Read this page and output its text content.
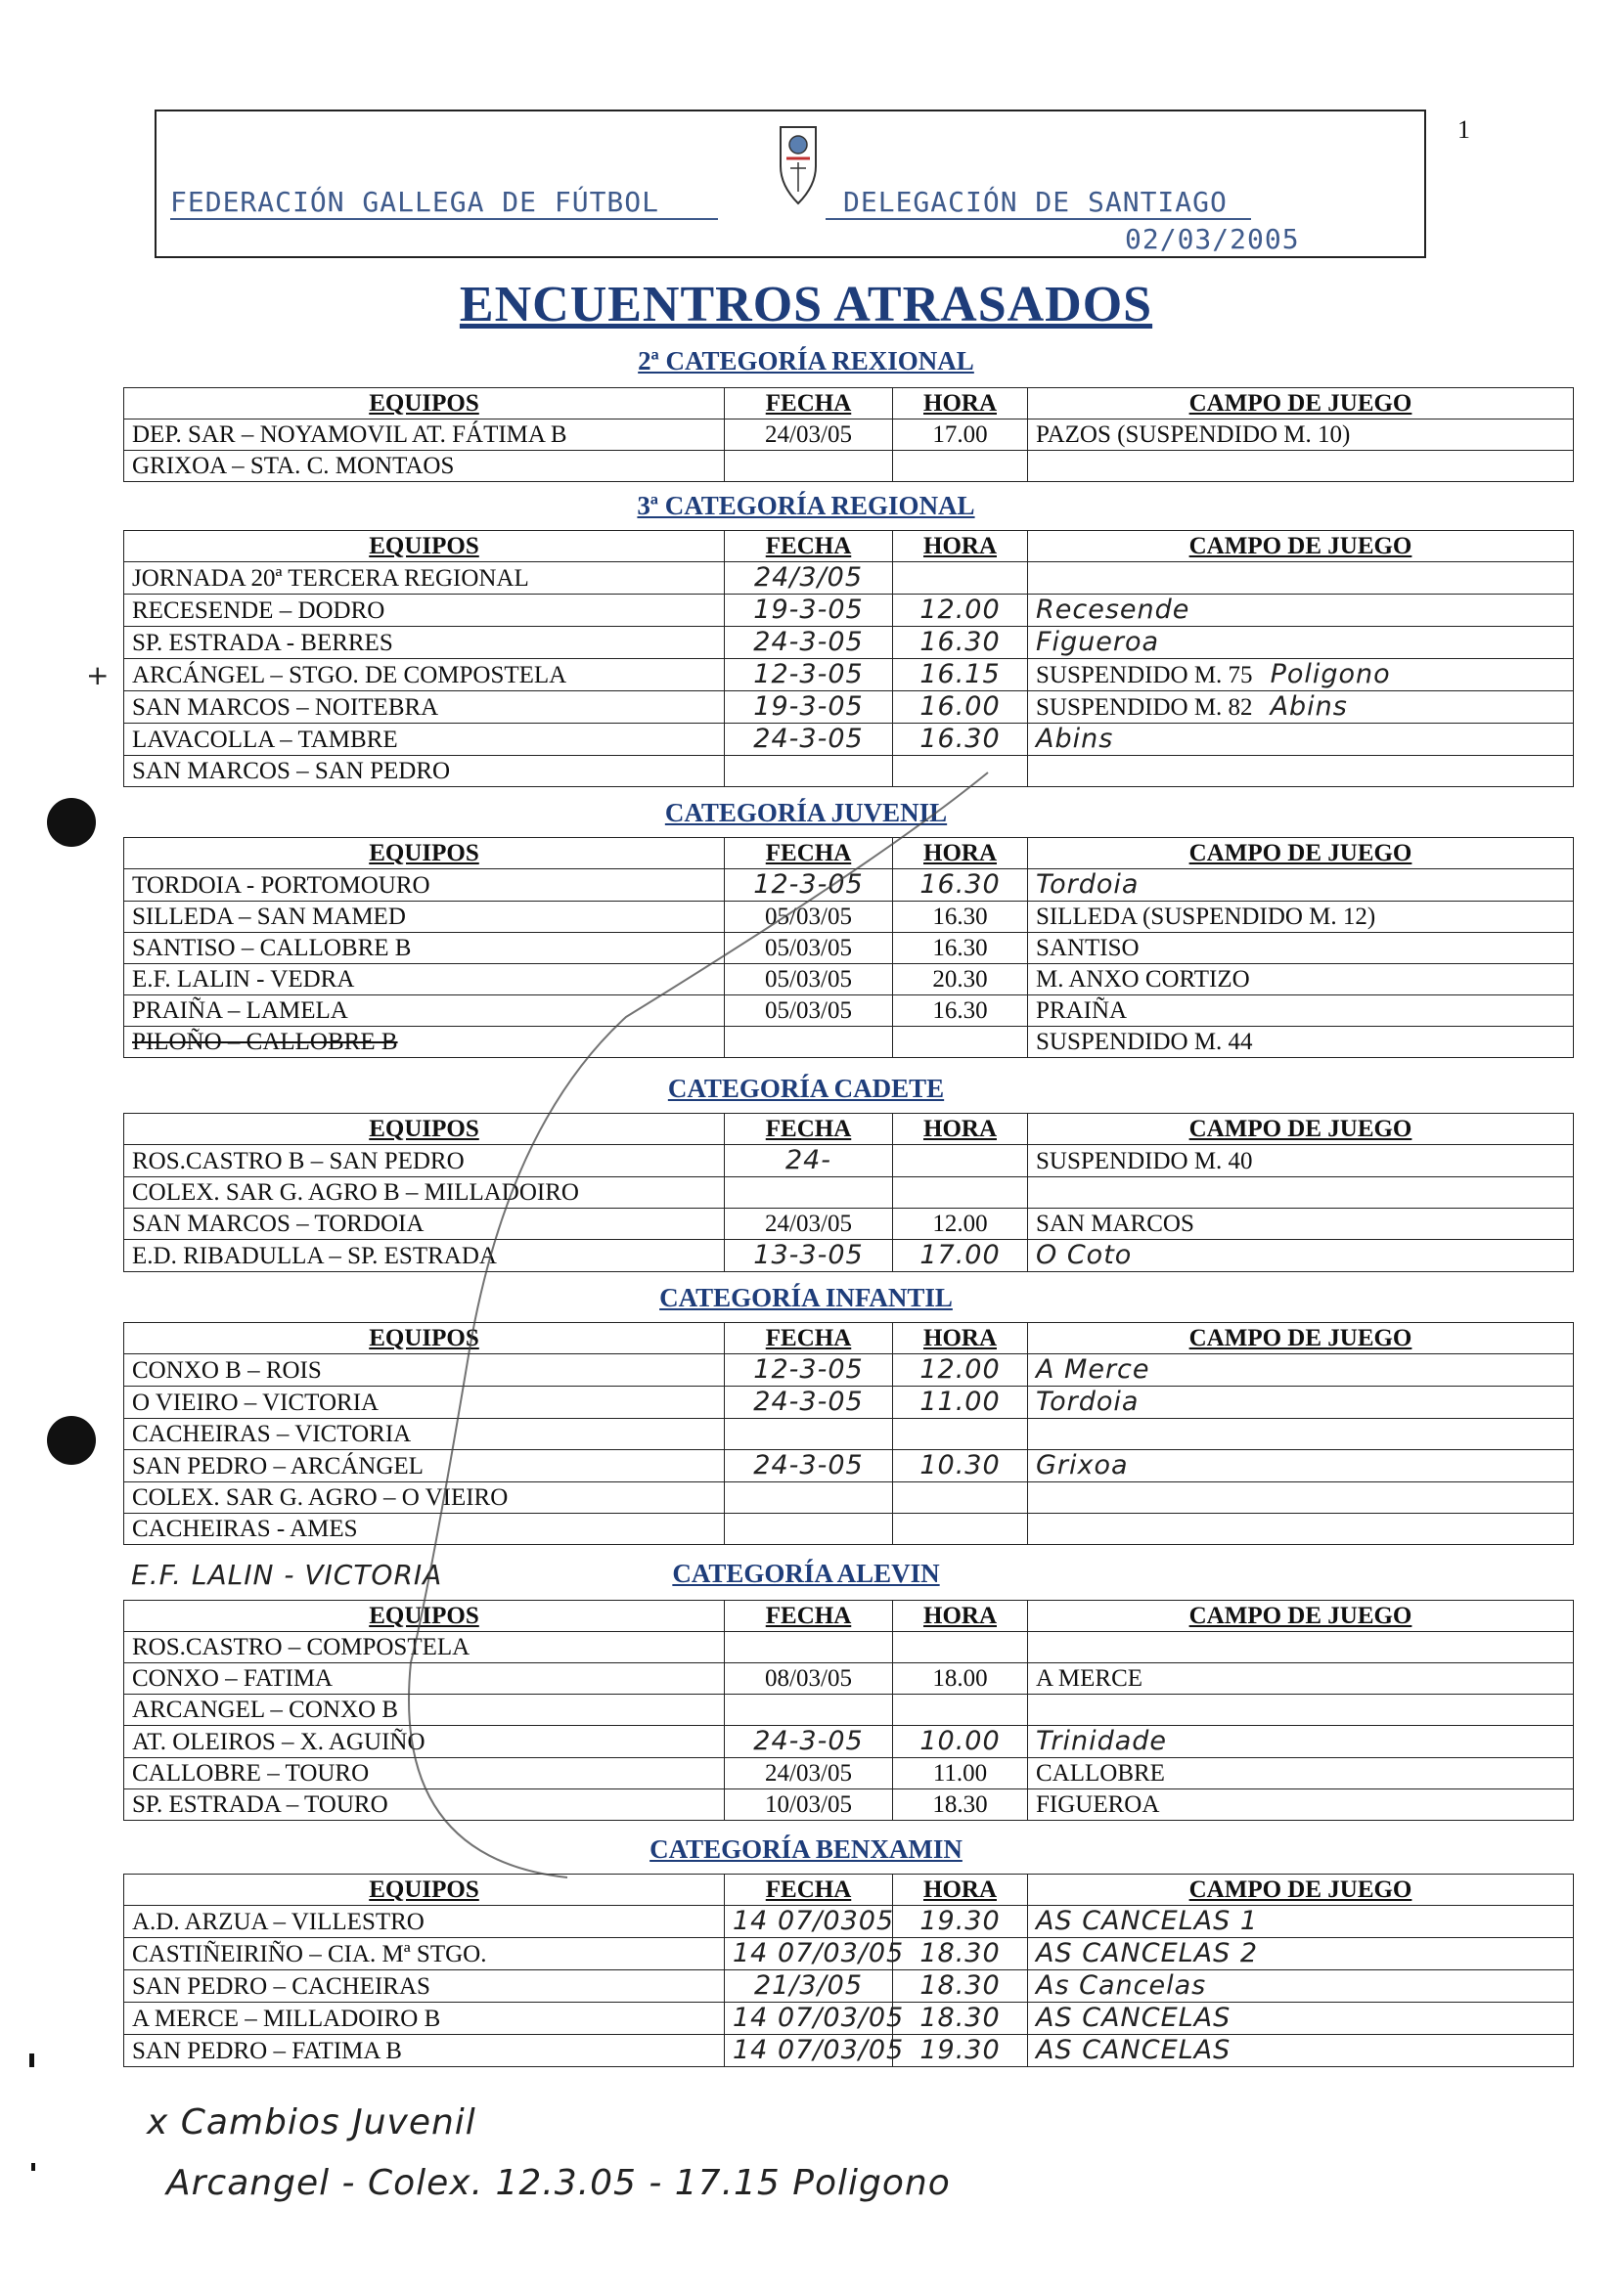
1
FEDERACIÓN GALLEGA DE FÚTBOL	DELEGACIÓN DE SANTIAGO
02/03/2005
ENCUENTROS ATRASADOS
2ª CATEGORÍA REXIONAL
EQUIPOS	FECHA	HORA	CAMPO DE JUEGO
DEP. SAR – NOYAMOVIL AT. FÁTIMA B	24/03/05	17.00	PAZOS (SUSPENDIDO M. 10)
GRIXOA – STA. C. MONTAOS			
3ª CATEGORÍA REGIONAL
EQUIPOS	FECHA	HORA	CAMPO DE JUEGO
JORNADA 20ª TERCERA REGIONAL	24/3/05		
RECESENDE – DODRO	19-3-05	12.00	Recesende
SP. ESTRADA - BERRES	24-3-05	16.30	Figueroa
ARCÁNGEL – STGO. DE COMPOSTELA	12-3-05	16.15	SUSPENDIDO M. 75 Poligono
SAN MARCOS – NOITEBRA	19-3-05	16.00	SUSPENDIDO M. 82 Abins
LAVACOLLA – TAMBRE	24-3-05	16.30	Abins
SAN MARCOS – SAN PEDRO			
CATEGORÍA JUVENIL
EQUIPOS	FECHA	HORA	CAMPO DE JUEGO
TORDOIA - PORTOMOURO	12-3-05	16.30	Tordoia
SILLEDA – SAN MAMED	05/03/05	16.30	SILLEDA (SUSPENDIDO M. 12)
SANTISO – CALLOBRE B	05/03/05	16.30	SANTISO
E.F. LALIN - VEDRA	05/03/05	20.30	M. ANXO CORTIZO
PRAIÑA – LAMELA	05/03/05	16.30	PRAIÑA
PILOÑO – CALLOBRE B			SUSPENDIDO M. 44
CATEGORÍA CADETE
EQUIPOS	FECHA	HORA	CAMPO DE JUEGO
ROS.CASTRO B – SAN PEDRO	24-		SUSPENDIDO M. 40
COLEX. SAR G. AGRO B – MILLADOIRO			
SAN MARCOS – TORDOIA	24/03/05	12.00	SAN MARCOS
E.D. RIBADULLA – SP. ESTRADA	13-3-05	17.00	O Coto
CATEGORÍA INFANTIL
EQUIPOS	FECHA	HORA	CAMPO DE JUEGO
CONXO B – ROIS	12-3-05	12.00	A Merce
O VIEIRO – VICTORIA	24-3-05	11.00	Tordoia
CACHEIRAS – VICTORIA			
SAN PEDRO – ARCÁNGEL	24-3-05	10.30	Grixoa
COLEX. SAR G. AGRO – O VIEIRO			
CACHEIRAS - AMES			
CATEGORÍA ALEVIN
EQUIPOS	FECHA	HORA	CAMPO DE JUEGO
ROS.CASTRO – COMPOSTELA			
CONXO – FATIMA	08/03/05	18.00	A MERCE
ARCANGEL – CONXO B			
AT. OLEIROS – X. AGUIÑO	24-3-05	10.00	Trinidade
CALLOBRE – TOURO	24/03/05	11.00	CALLOBRE
SP. ESTRADA – TOURO	10/03/05	18.30	FIGUEROA
CATEGORÍA BENXAMIN
EQUIPOS	FECHA	HORA	CAMPO DE JUEGO
A.D. ARZUA – VILLESTRO	14 07/0305	19.30	AS CANCELAS 1
CASTIÑEIRIÑO – CIA. Mª STGO.	14 07/03/05	18.30	AS CANCELAS 2
SAN PEDRO – CACHEIRAS	21/3/05	18.30	As Cancelas
A MERCE – MILLADOIRO B	14 07/03/05	18.30	AS CANCELAS
SAN PEDRO – FATIMA B	14 07/03/05	19.30	AS CANCELAS
E.F. LALIN - VICTORIA
+
x Cambios Juvenil
Arcangel - Colex. 12.3.05 - 17.15 Poligono
